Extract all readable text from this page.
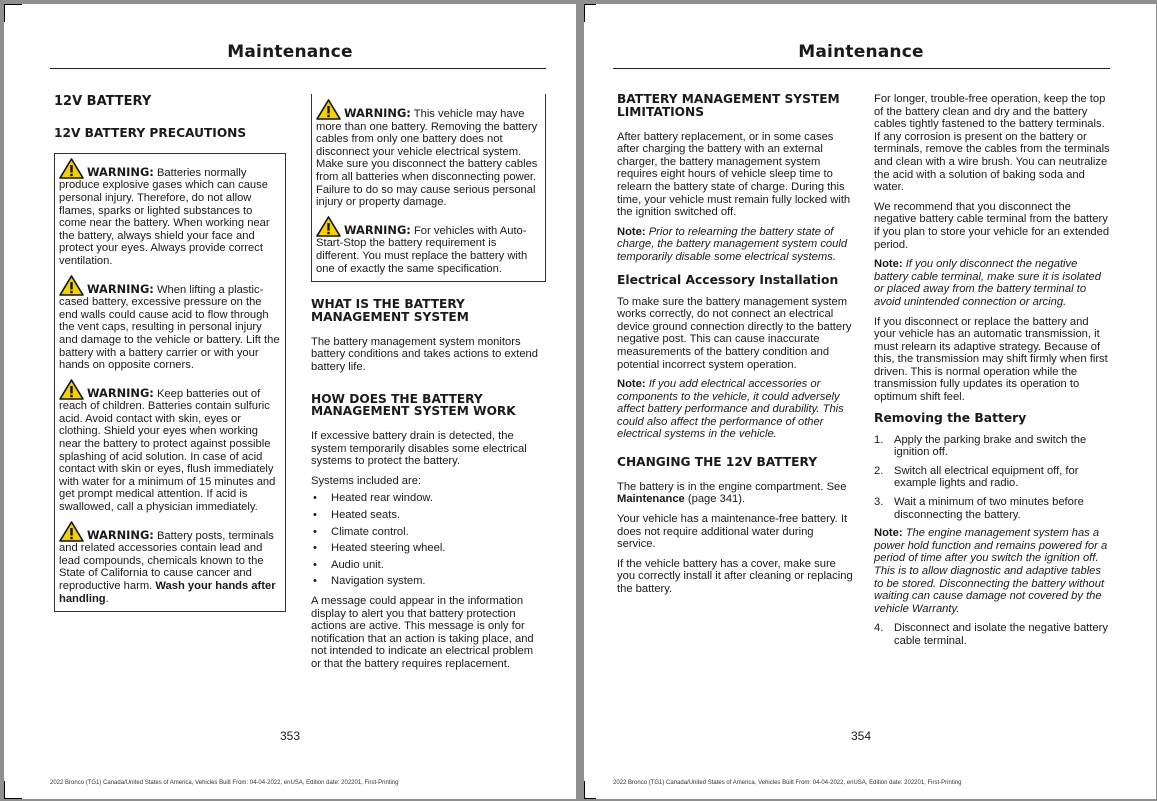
Maintenance
12V BATTERY
12V BATTERY PRECAUTIONS

WARNING: Batteries normally produce explosive gases which can cause personal injury. Therefore, do not allow flames, sparks or lighted substances to come near the battery. When working near the battery, always shield your face and protect your eyes. Always provide correct ventilation.

WARNING: When lifting a plastic-cased battery, excessive pressure on the end walls could cause acid to flow through the vent caps, resulting in personal injury and damage to the vehicle or battery. Lift the battery with a battery carrier or with your hands on opposite corners.

WARNING: Keep batteries out of reach of children. Batteries contain sulfuric acid. Avoid contact with skin, eyes or clothing. Shield your eyes when working near the battery to protect against possible splashing of acid solution. In case of acid contact with skin or eyes, flush immediately with water for a minimum of 15 minutes and get prompt medical attention. If acid is swallowed, call a physician immediately.

WARNING: Battery posts, terminals and related accessories contain lead and lead compounds, chemicals known to the State of California to cause cancer and reproductive harm. Wash your hands after handling.

WARNING: This vehicle may have more than one battery. Removing the battery cables from only one battery does not disconnect your vehicle electrical system. Make sure you disconnect the battery cables from all batteries when disconnecting power. Failure to do so may cause serious personal injury or property damage.

WARNING: For vehicles with Auto-Start-Stop the battery requirement is different. You must replace the battery with one of exactly the same specification.

WHAT IS THE BATTERY MANAGEMENT SYSTEM

The battery management system monitors battery conditions and takes actions to extend battery life.

HOW DOES THE BATTERY MANAGEMENT SYSTEM WORK

If excessive battery drain is detected, the system temporarily disables some electrical systems to protect the battery.

Systems included are:

• Heated rear window.
• Heated seats.
• Climate control.
• Heated steering wheel.
• Audio unit.
• Navigation system.

A message could appear in the information display to alert you that battery protection actions are active. This message is only for notification that an action is taking place, and not intended to indicate an electrical problem or that the battery requires replacement.

353
2022 Bronco (TG1) Canada/United States of America, Vehicles Built From: 04-04-2022, enUSA, Edition date: 202201, First-Printing
Maintenance
BATTERY MANAGEMENT SYSTEM LIMITATIONS

After battery replacement, or in some cases after charging the battery with an external charger, the battery management system requires eight hours of vehicle sleep time to relearn the battery state of charge. During this time, your vehicle must remain fully locked with the ignition switched off.

Note: Prior to relearning the battery state of charge, the battery management system could temporarily disable some electrical systems.

Electrical Accessory Installation

To make sure the battery management system works correctly, do not connect an electrical device ground connection directly to the battery negative post. This can cause inaccurate measurements of the battery condition and potential incorrect system operation.

Note: If you add electrical accessories or components to the vehicle, it could adversely affect battery performance and durability. This could also affect the performance of other electrical systems in the vehicle.

CHANGING THE 12V BATTERY

The battery is in the engine compartment. See Maintenance (page 341).

Your vehicle has a maintenance-free battery. It does not require additional water during service.

If the vehicle battery has a cover, make sure you correctly install it after cleaning or replacing the battery.

For longer, trouble-free operation, keep the top of the battery clean and dry and the battery cables tightly fastened to the battery terminals. If any corrosion is present on the battery or terminals, remove the cables from the terminals and clean with a wire brush. You can neutralize the acid with a solution of baking soda and water.

We recommend that you disconnect the negative battery cable terminal from the battery if you plan to store your vehicle for an extended period.

Note: If you only disconnect the negative battery cable terminal, make sure it is isolated or placed away from the battery terminal to avoid unintended connection or arcing.

If you disconnect or replace the battery and your vehicle has an automatic transmission, it must relearn its adaptive strategy. Because of this, the transmission may shift firmly when first driven. This is normal operation while the transmission fully updates its operation to optimum shift feel.

Removing the Battery
1. Apply the parking brake and switch the ignition off.
2. Switch all electrical equipment off, for example lights and radio.
3. Wait a minimum of two minutes before disconnecting the battery.

Note: The engine management system has a power hold function and remains powered for a period of time after you switch the ignition off. This is to allow diagnostic and adaptive tables to be stored. Disconnecting the battery without waiting can cause damage not covered by the vehicle Warranty.

4. Disconnect and isolate the negative battery cable terminal.
354
2022 Bronco (TG1) Canada/United States of America, Vehicles Built From: 04-04-2022, enUSA, Edition date: 202201, First-Printing
